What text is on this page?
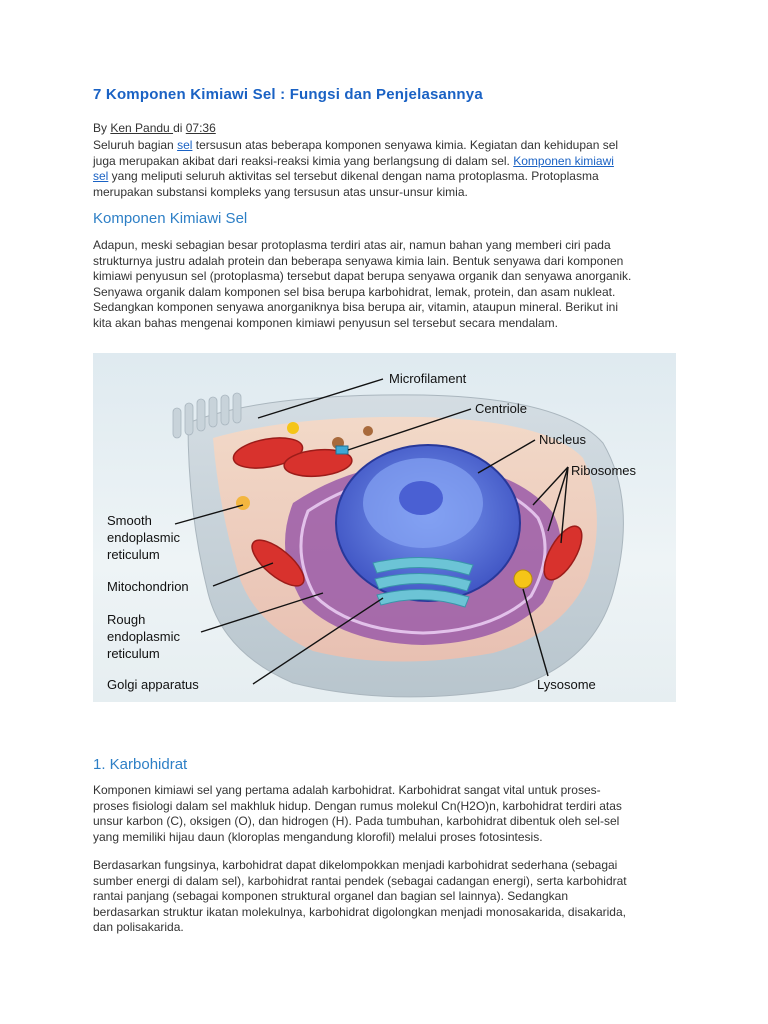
7 Komponen Kimiawi Sel : Fungsi dan Penjelasannya
By Ken Pandu di 07:36
Seluruh bagian sel tersusun atas beberapa komponen senyawa kimia. Kegiatan dan kehidupan sel
juga merupakan akibat dari reaksi-reaksi kimia yang berlangsung di dalam sel. Komponen kimiawi
sel yang meliputi seluruh aktivitas sel tersebut dikenal dengan nama protoplasma. Protoplasma
merupakan substansi kompleks yang tersusun atas unsur-unsur kimia.
Komponen Kimiawi Sel
Adapun, meski sebagian besar protoplasma terdiri atas air, namun bahan yang memberi ciri pada
strukturnya justru adalah protein dan beberapa senyawa kimia lain. Bentuk senyawa dari komponen
kimiawi penyusun sel (protoplasma) tersebut dapat berupa senyawa organik dan senyawa anorganik.
Senyawa organik dalam komponen sel bisa berupa karbohidrat, lemak, protein, dan asam nukleat.
Sedangkan komponen senyawa anorganiknya bisa berupa air, vitamin, ataupun mineral. Berikut ini
kita akan bahas mengenai komponen kimiawi penyusun sel tersebut secara mendalam.
Microfilament
Centriole
Nucleus
Ribosomes
Smooth
endoplasmic
reticulum
Mitochondrion
Rough
endoplasmic
reticulum
Golgi apparatus	Lysosome
1. Karbohidrat
Komponen kimiawi sel yang pertama adalah karbohidrat. Karbohidrat sangat vital untuk proses-
proses fisiologi dalam sel makhluk hidup. Dengan rumus molekul Cn(H2O)n, karbohidrat terdiri atas
unsur karbon (C), oksigen (O), dan hidrogen (H). Pada tumbuhan, karbohidrat dibentuk oleh sel-sel
yang memiliki hijau daun (kloroplas mengandung klorofil) melalui proses fotosintesis.
Berdasarkan fungsinya, karbohidrat dapat dikelompokkan menjadi karbohidrat sederhana (sebagai
sumber energi di dalam sel), karbohidrat rantai pendek (sebagai cadangan energi), serta karbohidrat
rantai panjang (sebagai komponen struktural organel dan bagian sel lainnya). Sedangkan
berdasarkan struktur ikatan molekulnya, karbohidrat digolongkan menjadi monosakarida, disakarida,
dan polisakarida.
